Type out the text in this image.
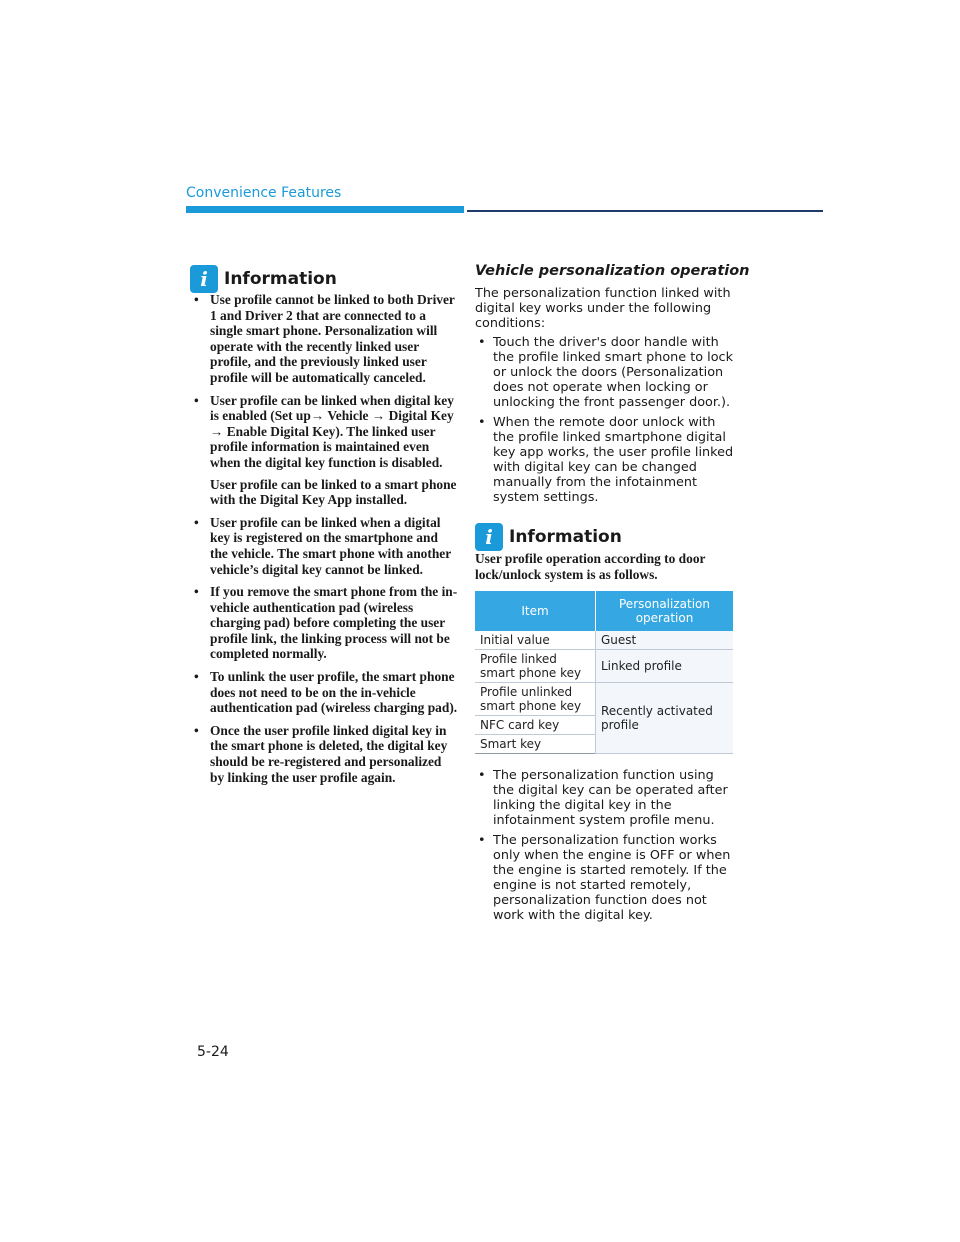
Convenience Features
i Information

• Use profile cannot be linked to both Driver 1 and Driver 2 that are connected to a single smart phone. Personalization will operate with the recently linked user profile, and the previously linked user profile will be automatically canceled.

• User profile can be linked when digital key is enabled (Set up→ Vehicle → Digital Key → Enable Digital Key). The linked user profile information is maintained even when the digital key function is disabled.

User profile can be linked to a smart phone with the Digital Key App installed.

• User profile can be linked when a digital key is registered on the smartphone and the vehicle. The smart phone with another vehicle’s digital key cannot be linked.

• If you remove the smart phone from the in-vehicle authentication pad (wireless charging pad) before completing the user profile link, the linking process will not be completed normally.

• To unlink the user profile, the smart phone does not need to be on the in-vehicle authentication pad (wireless charging pad).

• Once the user profile linked digital key in the smart phone is deleted, the digital key should be re-registered and personalized by linking the user profile again.

Vehicle personalization operation

The personalization function linked with digital key works under the following conditions:

• Touch the driver's door handle with the profile linked smart phone to lock or unlock the doors (Personalization does not operate when locking or unlocking the front passenger door.).
• When the remote door unlock with the profile linked smartphone digital key app works, the user profile linked with digital key can be changed manually from the infotainment system settings.
i Information

User profile operation according to door lock/unlock system is as follows.

Item	Personalization operation
Initial value	Guest
Profile linked smart phone key	Linked profile
Profile unlinked smart phone key	Recently activated profile
NFC card key	
Smart key	
• The personalization function using the digital key can be operated after linking the digital key in the infotainment system profile menu.
• The personalization function works only when the engine is OFF or when the engine is started remotely. If the engine is not started remotely, personalization function does not work with the digital key.
5-24
